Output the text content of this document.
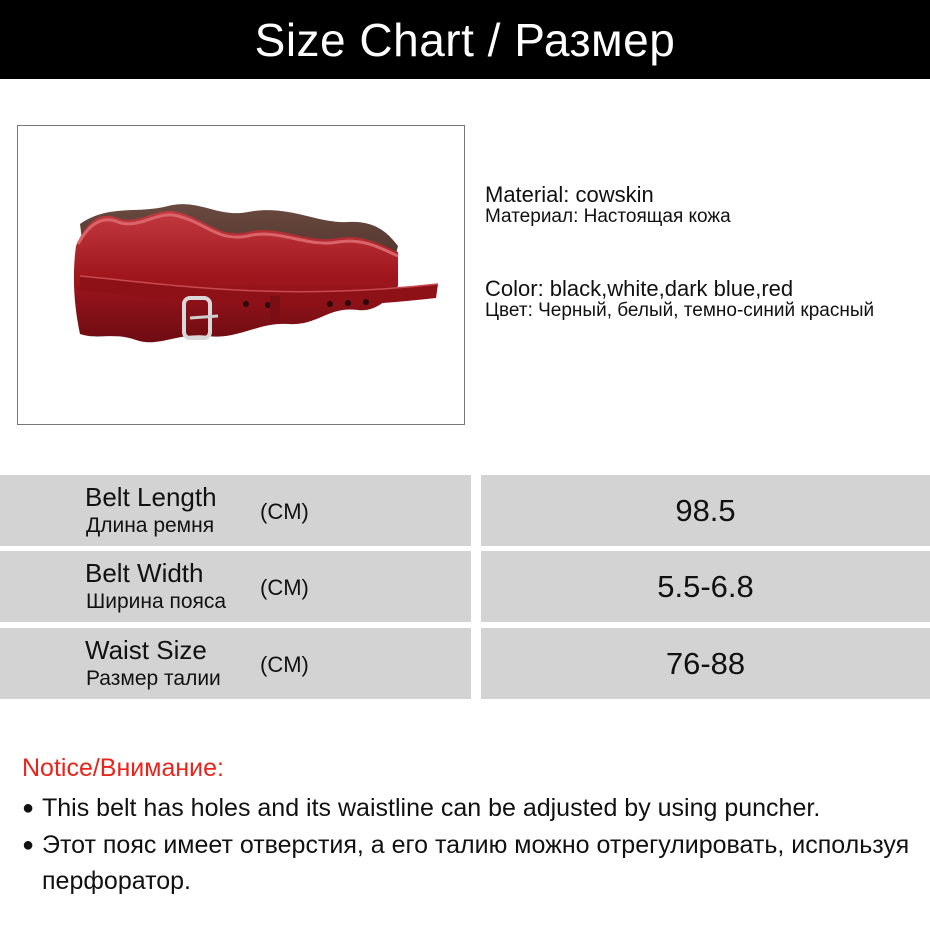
Size Chart / Размер
Material: cowskin
Материал: Настоящая кожа
Color: black,white,dark blue,red
Цвет: Черный, белый, темно-синий красный
Belt Length
Длина ремня
(CM)	98.5
Belt Width
Ширина пояса
(CM)	5.5-6.8
Waist Size
Размер талии
(CM)	76-88
Notice/Внимание:
● This belt has holes and its waistline can be adjusted by using puncher.
● Этот пояс имеет отверстия, а его талию можно отрегулировать, используя перфоратор.
